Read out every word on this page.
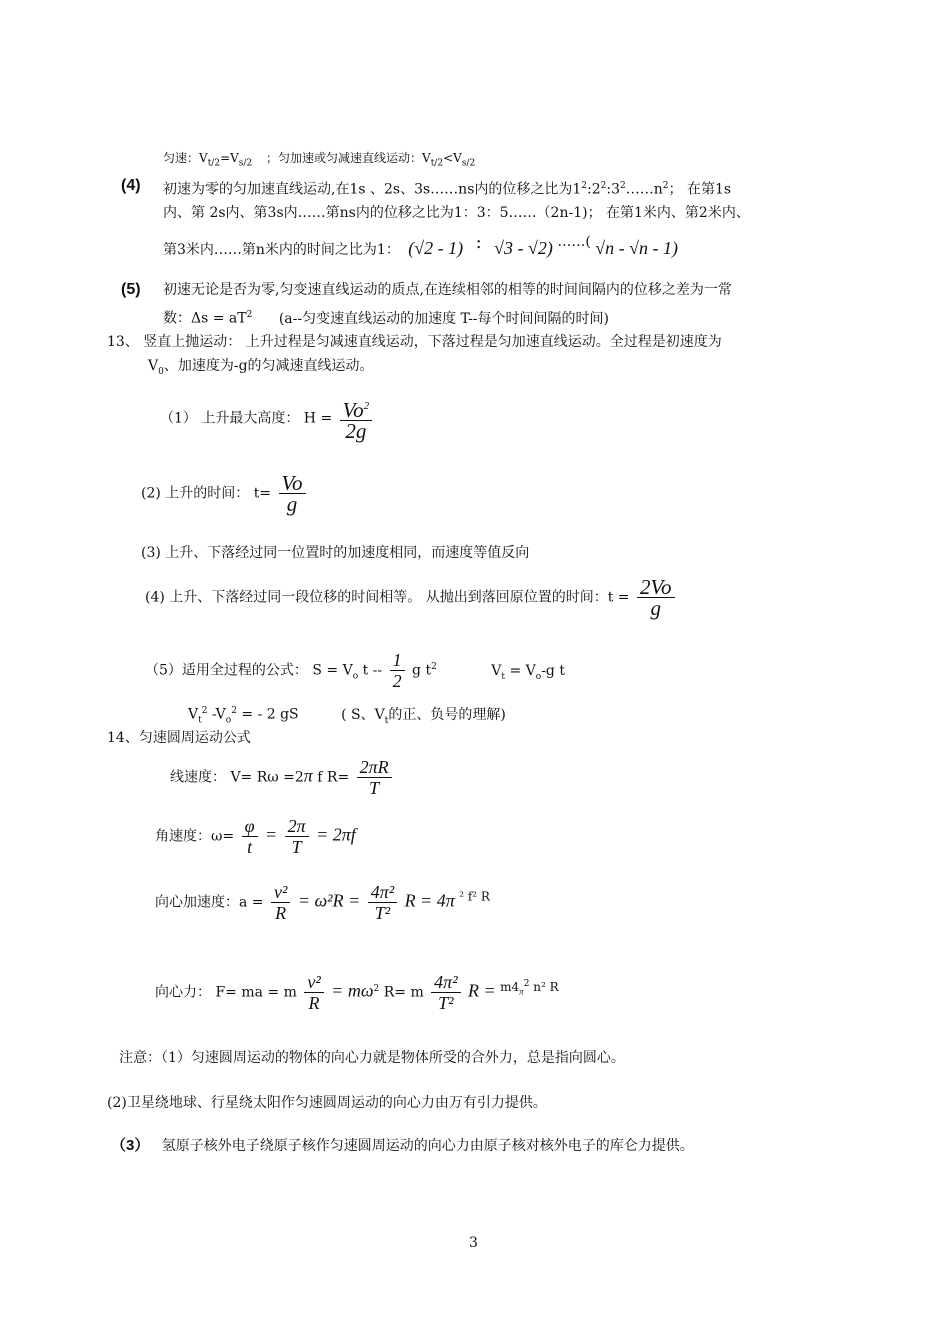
匀速：$V_{t/2}=V_{s/2}$ ；匀加速或匀减速直线运动：$V_{t/2}<V_{s/2}$
(4) 初速为零的匀加速直线运动,在1s 、2s、3s……ns内的位移之比为$1^2:2^2:3^2\dots\dots n^2$； 在第1s
内、第 2s内、第3s内……第ns内的位移之比为1：3：5……（2n-1)； 在第1米内、第2米内、
第3米内……第n米内的时间之比为1： (√2 - 1) : √3 - √2) ……( √n - √n - 1)
(5) 初速无论是否为零,匀变速直线运动的质点,在连续相邻的相等的时间间隔内的位移之差为一常
数：$\Delta s = aT^2$ (a--匀变速直线运动的加速度 T--每个时间间隔的时间)
13、 竖直上抛运动： 上升过程是匀减速直线运动，下落过程是匀加速直线运动。全过程是初速度为
$V_0$、加速度为-g的匀减速直线运动。
（1） 上升最大高度： $H = \frac{Vo^2}{2g}$
(2) 上升的时间： $t= \frac{Vo}{g}$
(3) 上升、下落经过同一位置时的加速度相同，而速度等值反向
(4) 上升、下落经过同一段位移的时间相等。 从抛出到落回原位置的时间：$t = \frac{2Vo}{g}$
（5）适用全过程的公式： $S = V_o$ t -- $\frac{1}{2}$ g $t^2$	$V_t = V_o-g$ t
$V_t^2$ $-V_o^2$ = - 2 gS	( S、$V_t$的正、负号的理解)
14、匀速圆周运动公式
线速度： V= Rω =2π f $R= \frac{2\pi R}{T}$
角速度：$\omega= \frac{\varphi}{t} = \frac{2\pi}{T} = 2\pi f$
向心加速度：$a = \frac{\text{v²}}{R} = \omega^2R = \frac{\text{4π²}}{\text{T²}}$ R = 4π ² f² R
向心力： F= ma = m $\frac{\text{v²}}{R} = m\omega^2$ R= m $\frac{\text{4π²}}{\text{T²}}$ $R = m4_\pi^2$ n² R
注意：（1）匀速圆周运动的物体的向心力就是物体所受的合外力，总是指向圆心。
(2)卫星绕地球、行星绕太阳作匀速圆周运动的向心力由万有引力提供。
（3） 氢原子核外电子绕原子核作匀速圆周运动的向心力由原子核对核外电子的库仑力提供。
3
